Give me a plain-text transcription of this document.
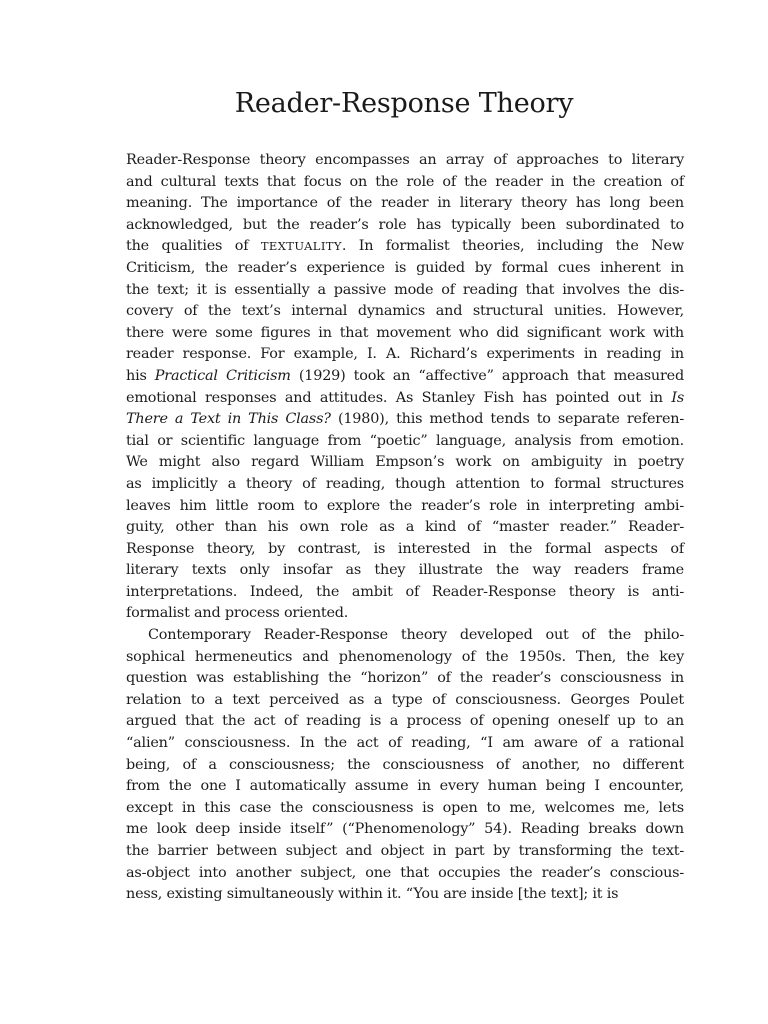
Reader-Response Theory
Reader-Response theory encompasses an array of approaches to literary
and cultural texts that focus on the role of the reader in the creation of
meaning. The importance of the reader in literary theory has long been
acknowledged, but the reader’s role has typically been subordinated to
the qualities of TEXTUALITY. In formalist theories, including the New
Criticism, the reader’s experience is guided by formal cues inherent in
the text; it is essentially a passive mode of reading that involves the dis-
covery of the text’s internal dynamics and structural unities. However,
there were some figures in that movement who did significant work with
reader response. For example, I. A. Richard’s experiments in reading in
his Practical Criticism (1929) took an “affective” approach that measured
emotional responses and attitudes. As Stanley Fish has pointed out in Is
There a Text in This Class? (1980), this method tends to separate referen-
tial or scientific language from “poetic” language, analysis from emotion.
We might also regard William Empson’s work on ambiguity in poetry
as implicitly a theory of reading, though attention to formal structures
leaves him little room to explore the reader’s role in interpreting ambi-
guity, other than his own role as a kind of “master reader.” Reader-
Response theory, by contrast, is interested in the formal aspects of
literary texts only insofar as they illustrate the way readers frame
interpretations. Indeed, the ambit of Reader-Response theory is anti-
formalist and process oriented.
Contemporary Reader-Response theory developed out of the philo-
sophical hermeneutics and phenomenology of the 1950s. Then, the key
question was establishing the “horizon” of the reader’s consciousness in
relation to a text perceived as a type of consciousness. Georges Poulet
argued that the act of reading is a process of opening oneself up to an
“alien” consciousness. In the act of reading, “I am aware of a rational
being, of a consciousness; the consciousness of another, no different
from the one I automatically assume in every human being I encounter,
except in this case the consciousness is open to me, welcomes me, lets
me look deep inside itself” (“Phenomenology” 54). Reading breaks down
the barrier between subject and object in part by transforming the text-
as-object into another subject, one that occupies the reader’s conscious-
ness, existing simultaneously within it. “You are inside [the text]; it is
